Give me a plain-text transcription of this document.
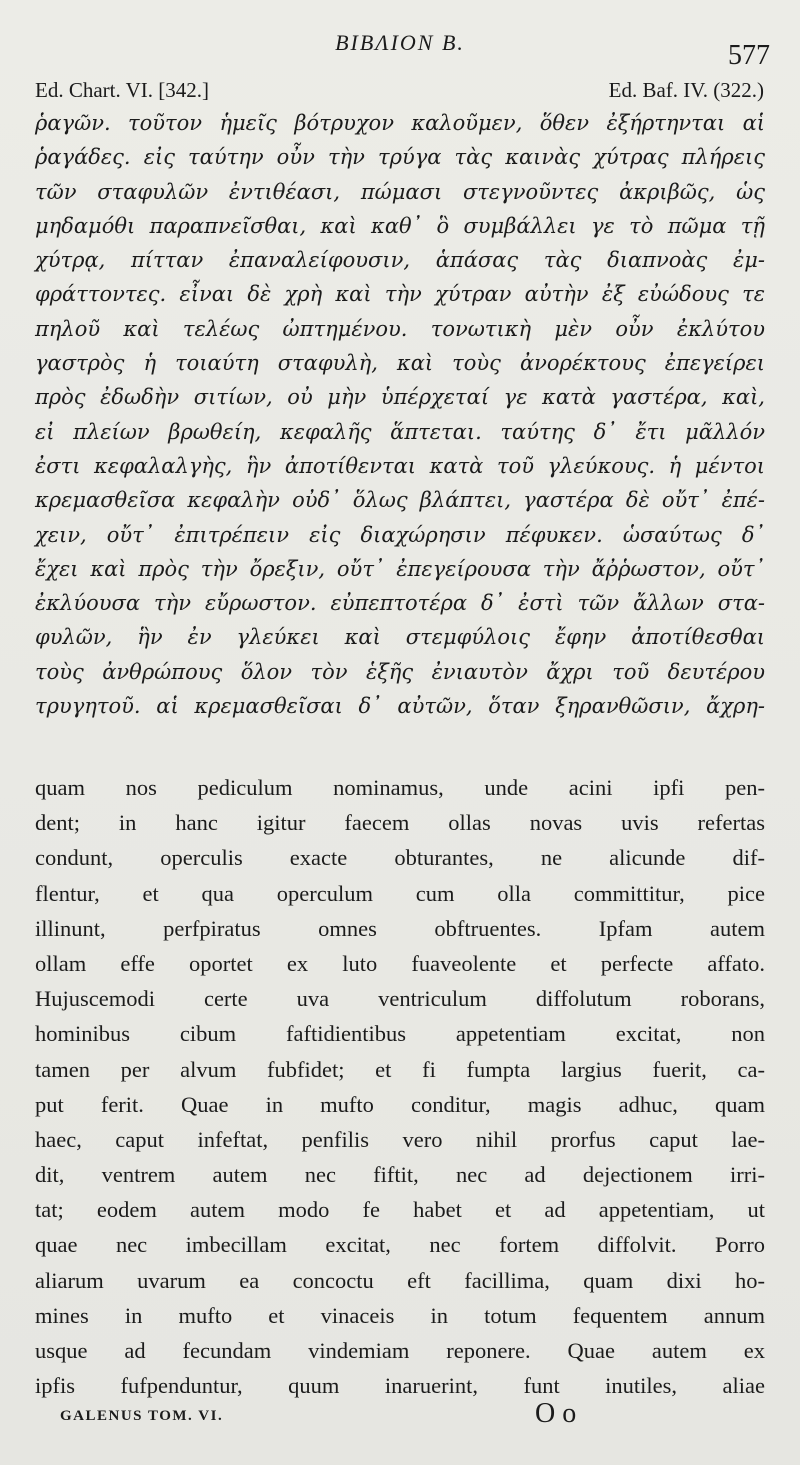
BIBΛΙΟΝ B.	577
Ed. Chart. VI. [342.]	Ed. Baf. IV. (322.)
ῥαγῶν. τοῦτον ἡμεῖς βότρυχον καλοῦμεν, ὅθεν ἐξήρτηνται αἱ
ῥαγάδες. εἰς ταύτην οὖν τὴν τρύγα τὰς καινὰς χύτρας πλήρεις
τῶν σταφυλῶν ἐντιθέασι, πώμασι στεγνοῦντες ἀκριβῶς, ὡς
μηδαμόθι παραπνεῖσθαι, καὶ καθ᾽ ὃ συμβάλλει γε τὸ πῶμα τῇ
χύτρᾳ, πίτταν ἐπαναλείφουσιν, ἁπάσας τὰς διαπνοὰς ἐμ-
φράττοντες. εἶναι δὲ χρὴ καὶ τὴν χύτραν αὐτὴν ἐξ εὐώδους τε
πηλοῦ καὶ τελέως ὠπτημένου. τονωτικὴ μὲν οὖν ἐκλύτου
γαστρὸς ἡ τοιαύτη σταφυλὴ, καὶ τοὺς ἀνορέκτους ἐπεγείρει
πρὸς ἐδωδὴν σιτίων, οὐ μὴν ὑπέρχεταί γε κατὰ γαστέρα, καὶ,
εἰ πλείων βρωθείη, κεφαλῆς ἅπτεται. ταύτης δ᾽ ἔτι μᾶλλόν
ἐστι κεφαλαλγὴς, ἣν ἀποτίθενται κατὰ τοῦ γλεύκους. ἡ μέντοι
κρεμασθεῖσα κεφαλὴν οὐδ᾽ ὅλως βλάπτει, γαστέρα δὲ οὔτ᾽ ἐπέ-
χειν, οὔτ᾽ ἐπιτρέπειν εἰς διαχώρησιν πέφυκεν. ὡσαύτως δ᾽
ἔχει καὶ πρὸς τὴν ὄρεξιν, οὔτ᾽ ἐπεγείρουσα τὴν ἄῤῥωστον, οὔτ᾽
ἐκλύουσα τὴν εὔρωστον. εὐπεπτοτέρα δ᾽ ἐστὶ τῶν ἄλλων στα-
φυλῶν, ἣν ἐν γλεύκει καὶ στεμφύλοις ἔφην ἀποτίθεσθαι
τοὺς ἀνθρώπους ὅλον τὸν ἑξῆς ἐνιαυτὸν ἄχρι τοῦ δευτέρου
τρυγητοῦ. αἱ κρεμασθεῖσαι δ᾽ αὐτῶν, ὅταν ξηρανθῶσιν, ἄχρη-
quam nos pediculum nominamus, unde acini ipfi pen-
dent; in hanc igitur faecem ollas novas uvis refertas
condunt, operculis exacte obturantes, ne alicunde dif-
flentur, et qua operculum cum olla committitur, pice
illinunt, perfpiratus omnes obftruentes. Ipfam autem
ollam effe oportet ex luto fuaveolente et perfecte affato.
Hujuscemodi certe uva ventriculum diffolutum roborans,
hominibus cibum faftidientibus appetentiam excitat, non
tamen per alvum fubfidet; et fi fumpta largius fuerit, ca-
put ferit. Quae in mufto conditur, magis adhuc, quam
haec, caput infeftat, penfilis vero nihil prorfus caput lae-
dit, ventrem autem nec fiftit, nec ad dejectionem irri-
tat; eodem autem modo fe habet et ad appetentiam, ut
quae nec imbecillam excitat, nec fortem diffolvit. Porro
aliarum uvarum ea concoctu eft facillima, quam dixi ho-
mines in mufto et vinaceis in totum fequentem annum
usque ad fecundam vindemiam reponere. Quae autem ex
ipfis fufpenduntur, quum inaruerint, funt inutiles, aliae
GALENUS TOM. VI.	O o
